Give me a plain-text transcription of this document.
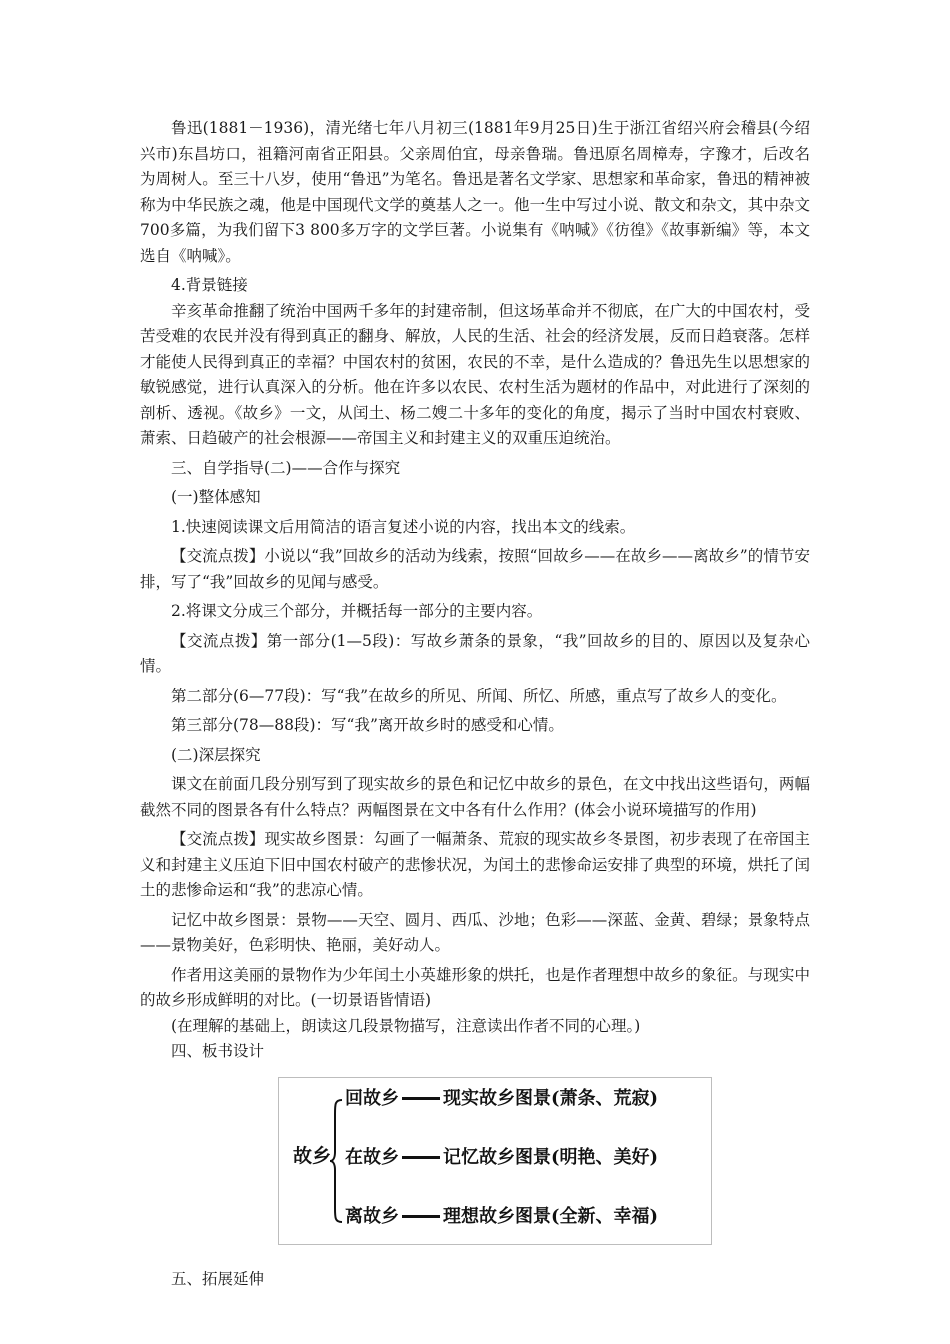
鲁迅(1881－1936)，清光绪七年八月初三(1881年9月25日)生于浙江省绍兴府会稽县(今绍兴市)东昌坊口，祖籍河南省正阳县。父亲周伯宜，母亲鲁瑞。鲁迅原名周樟寿，字豫才，后改名为周树人。至三十八岁，使用“鲁迅”为笔名。鲁迅是著名文学家、思想家和革命家，鲁迅的精神被称为中华民族之魂，他是中国现代文学的奠基人之一。他一生中写过小说、散文和杂文，其中杂文700多篇，为我们留下3 800多万字的文学巨著。小说集有《呐喊》《彷徨》《故事新编》等，本文选自《呐喊》。

4.背景链接

辛亥革命推翻了统治中国两千多年的封建帝制，但这场革命并不彻底，在广大的中国农村，受苦受难的农民并没有得到真正的翻身、解放，人民的生活、社会的经济发展，反而日趋衰落。怎样才能使人民得到真正的幸福？中国农村的贫困，农民的不幸，是什么造成的？鲁迅先生以思想家的敏锐感觉，进行认真深入的分析。他在许多以农民、农村生活为题材的作品中，对此进行了深刻的剖析、透视。《故乡》一文，从闰土、杨二嫂二十多年的变化的角度，揭示了当时中国农村衰败、萧索、日趋破产的社会根源——帝国主义和封建主义的双重压迫统治。

三、自学指导(二)——合作与探究

(一)整体感知

1.快速阅读课文后用简洁的语言复述小说的内容，找出本文的线索。

【交流点拨】小说以“我”回故乡的活动为线索，按照“回故乡——在故乡——离故乡”的情节安排，写了“我”回故乡的见闻与感受。

2.将课文分成三个部分，并概括每一部分的主要内容。

【交流点拨】第一部分(1—5段)：写故乡萧条的景象，“我”回故乡的目的、原因以及复杂心情。

第二部分(6—77段)：写“我”在故乡的所见、所闻、所忆、所感，重点写了故乡人的变化。

第三部分(78—88段)：写“我”离开故乡时的感受和心情。

(二)深层探究

课文在前面几段分别写到了现实故乡的景色和记忆中故乡的景色，在文中找出这些语句，两幅截然不同的图景各有什么特点？两幅图景在文中各有什么作用？(体会小说环境描写的作用)

【交流点拨】现实故乡图景：勾画了一幅萧条、荒寂的现实故乡冬景图，初步表现了在帝国主义和封建主义压迫下旧中国农村破产的悲惨状况，为闰土的悲惨命运安排了典型的环境，烘托了闰土的悲惨命运和“我”的悲凉心情。

记忆中故乡图景：景物——天空、圆月、西瓜、沙地；色彩——深蓝、金黄、碧绿；景象特点——景物美好，色彩明快、艳丽，美好动人。

作者用这美丽的景物作为少年闰土小英雄形象的烘托，也是作者理想中故乡的象征。与现实中的故乡形成鲜明的对比。(一切景语皆情语)

(在理解的基础上，朗读这几段景物描写，注意读出作者不同的心理。)

四、板书设计

故乡
回故乡 现实故乡图景(萧条、荒寂)
在故乡 记忆故乡图景(明艳、美好)
离故乡 理想故乡图景(全新、幸福)

五、拓展延伸
